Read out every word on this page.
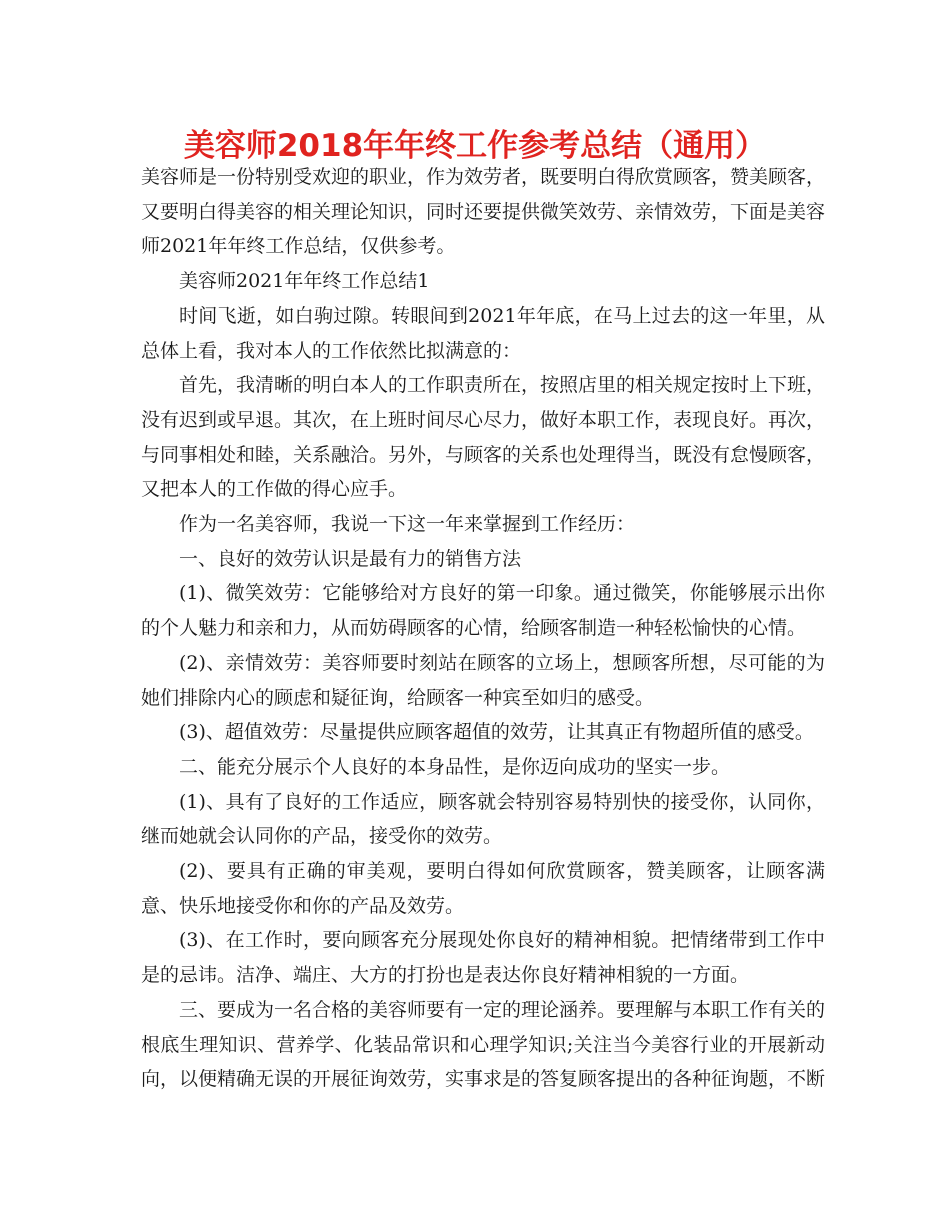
美容师2018年年终工作参考总结（通用）

美容师是一份特别受欢迎的职业，作为效劳者，既要明白得欣赏顾客，赞美顾客，又要明白得美容的相关理论知识，同时还要提供微笑效劳、亲情效劳，下面是美容师2021年年终工作总结，仅供参考。

美容师2021年年终工作总结1

时间飞逝，如白驹过隙。转眼间到2021年年底，在马上过去的这一年里，从总体上看，我对本人的工作依然比拟满意的：

首先，我清晰的明白本人的工作职责所在，按照店里的相关规定按时上下班，没有迟到或早退。其次，在上班时间尽心尽力，做好本职工作，表现良好。再次，与同事相处和睦，关系融洽。另外，与顾客的关系也处理得当，既没有怠慢顾客，又把本人的工作做的得心应手。

作为一名美容师，我说一下这一年来掌握到工作经历：

一、良好的效劳认识是最有力的销售方法

(1)、微笑效劳：它能够给对方良好的第一印象。通过微笑，你能够展示出你的个人魅力和亲和力，从而妨碍顾客的心情，给顾客制造一种轻松愉快的心情。

(2)、亲情效劳：美容师要时刻站在顾客的立场上，想顾客所想，尽可能的为她们排除内心的顾虑和疑征询，给顾客一种宾至如归的感受。

(3)、超值效劳：尽量提供应顾客超值的效劳，让其真正有物超所值的感受。

二、能充分展示个人良好的本身品性，是你迈向成功的坚实一步。

(1)、具有了良好的工作适应，顾客就会特别容易特别快的接受你，认同你，继而她就会认同你的产品，接受你的效劳。

(2)、要具有正确的审美观，要明白得如何欣赏顾客，赞美顾客，让顾客满意、快乐地接受你和你的产品及效劳。

(3)、在工作时，要向顾客充分展现处你良好的精神相貌。把情绪带到工作中是的忌讳。洁净、端庄、大方的打扮也是表达你良好精神相貌的一方面。

三、要成为一名合格的美容师要有一定的理论涵养。要理解与本职工作有关的根底生理知识、营养学、化装品常识和心理学知识;关注当今美容行业的开展新动向，以便精确无误的开展征询效劳，实事求是的答复顾客提出的各种征询题，不断
